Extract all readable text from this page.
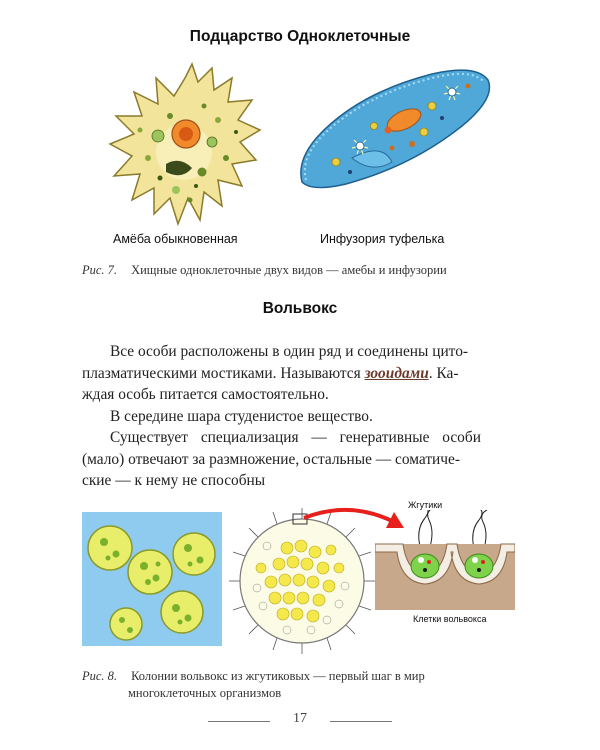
Подцарство Одноклеточные
Амёба обыкновенная	Инфузория туфелька
Рис. 7. Хищные одноклеточные двух видов — амебы и инфузории
Вольвокс

Все особи расположены в один ряд и соединены цито-

плазматическими мостиками. Называются зооидами. Ка-
ждая особь питается самостоятельно.

В середине шара студенистое вещество.

Существует специализация — генеративные особи

(мало) отвечают за размножение, остальные — соматиче-
ские — к нему не способны
Жгутики
Клетки вольвокса
Рис. 8. Колонии вольвокс из жгутиковых — первый шаг в мир
многоклеточных организмов
17
